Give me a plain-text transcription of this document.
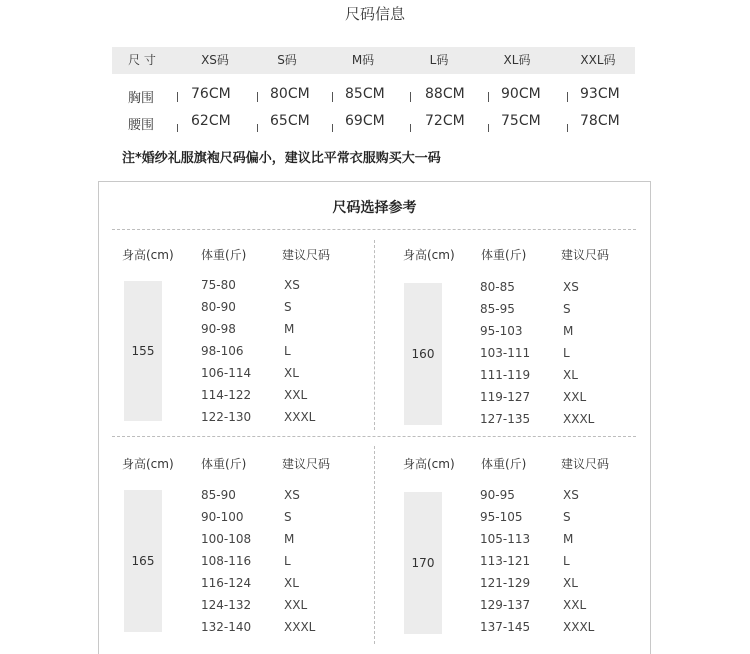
尺码信息
尺 寸	XS码	S码	M码	L码	XL码	XXL码
胸围	76CM	80CM	85CM	88CM	90CM	93CM
腰围	62CM	65CM	69CM	72CM	75CM	78CM
注*婚纱礼服旗袍尺码偏小，建议比平常衣服购买大一码
尺码选择参考
身高(cm) 体重(斤)	建议尺码
155
75-80	XS
80-90	S
90-98	M
98-106	L
106-114	XL
114-122	XXL
122-130	XXXL
身高(cm) 体重(斤)	建议尺码
160
80-85	XS
85-95	S
95-103	M
103-111	L
111-119	XL
119-127	XXL
127-135	XXXL
身高(cm) 体重(斤)	建议尺码
165
85-90	XS
90-100	S
100-108	M
108-116	L
116-124	XL
124-132	XXL
132-140	XXXL
身高(cm) 体重(斤)	建议尺码
170
90-95	XS
95-105	S
105-113	M
113-121	L
121-129	XL
129-137	XXL
137-145	XXXL
